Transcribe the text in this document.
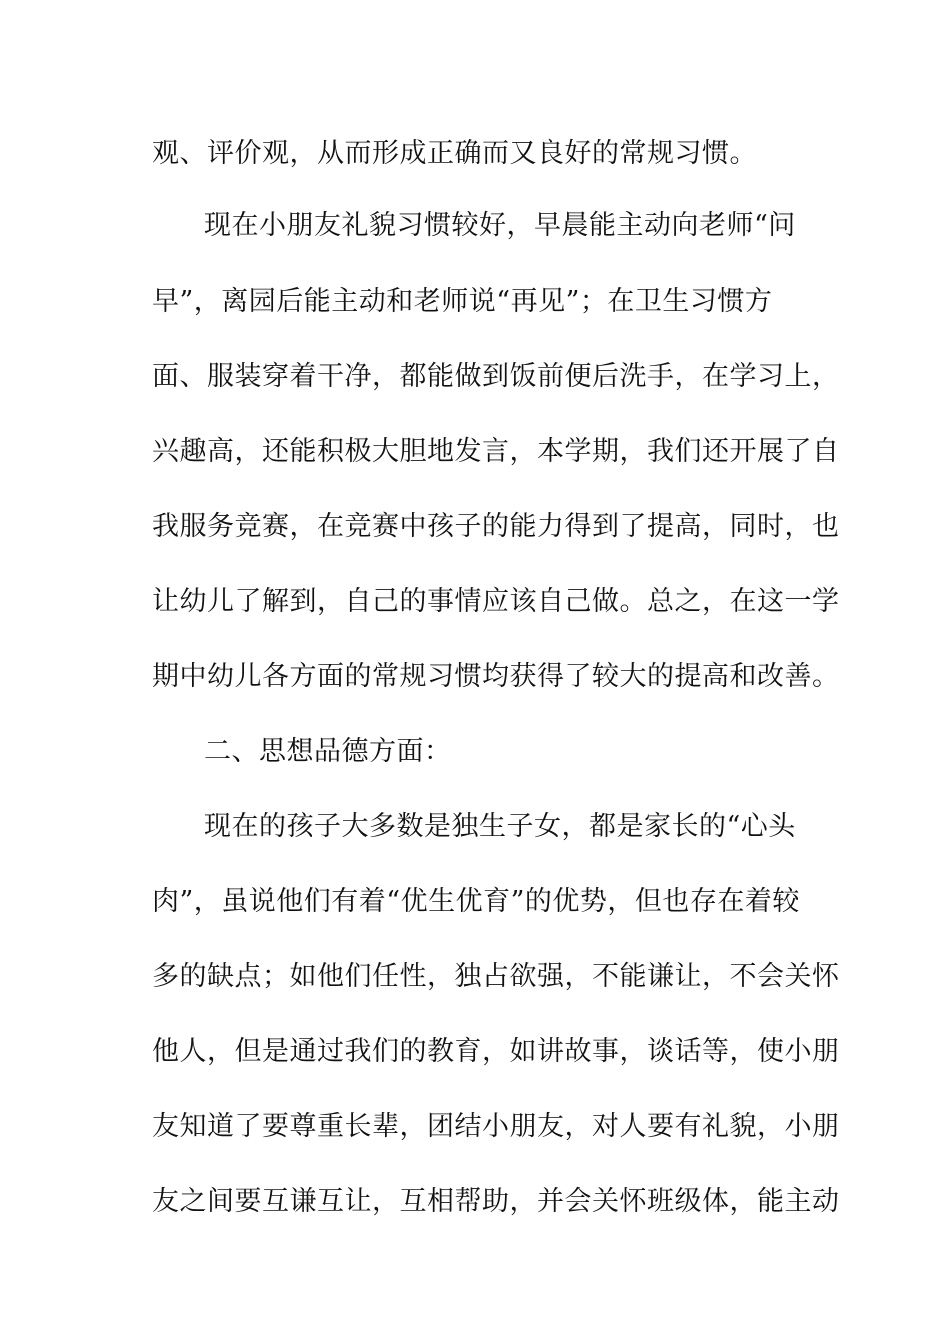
观、评价观，从而形成正确而又良好的常规习惯。
现在小朋友礼貌习惯较好，早晨能主动向老师“问
早”，离园后能主动和老师说“再见”；在卫生习惯方
面、服装穿着干净，都能做到饭前便后洗手，在学习上，
兴趣高，还能积极大胆地发言，本学期，我们还开展了自
我服务竞赛，在竞赛中孩子的能力得到了提高，同时，也
让幼儿了解到，自己的事情应该自己做。总之，在这一学
期中幼儿各方面的常规习惯均获得了较大的提高和改善。
二、思想品德方面：
现在的孩子大多数是独生子女，都是家长的“心头
肉”，虽说他们有着“优生优育”的优势，但也存在着较
多的缺点；如他们任性，独占欲强，不能谦让，不会关怀
他人，但是通过我们的教育，如讲故事，谈话等，使小朋
友知道了要尊重长辈，团结小朋友，对人要有礼貌，小朋
友之间要互谦互让，互相帮助，并会关怀班级体，能主动
